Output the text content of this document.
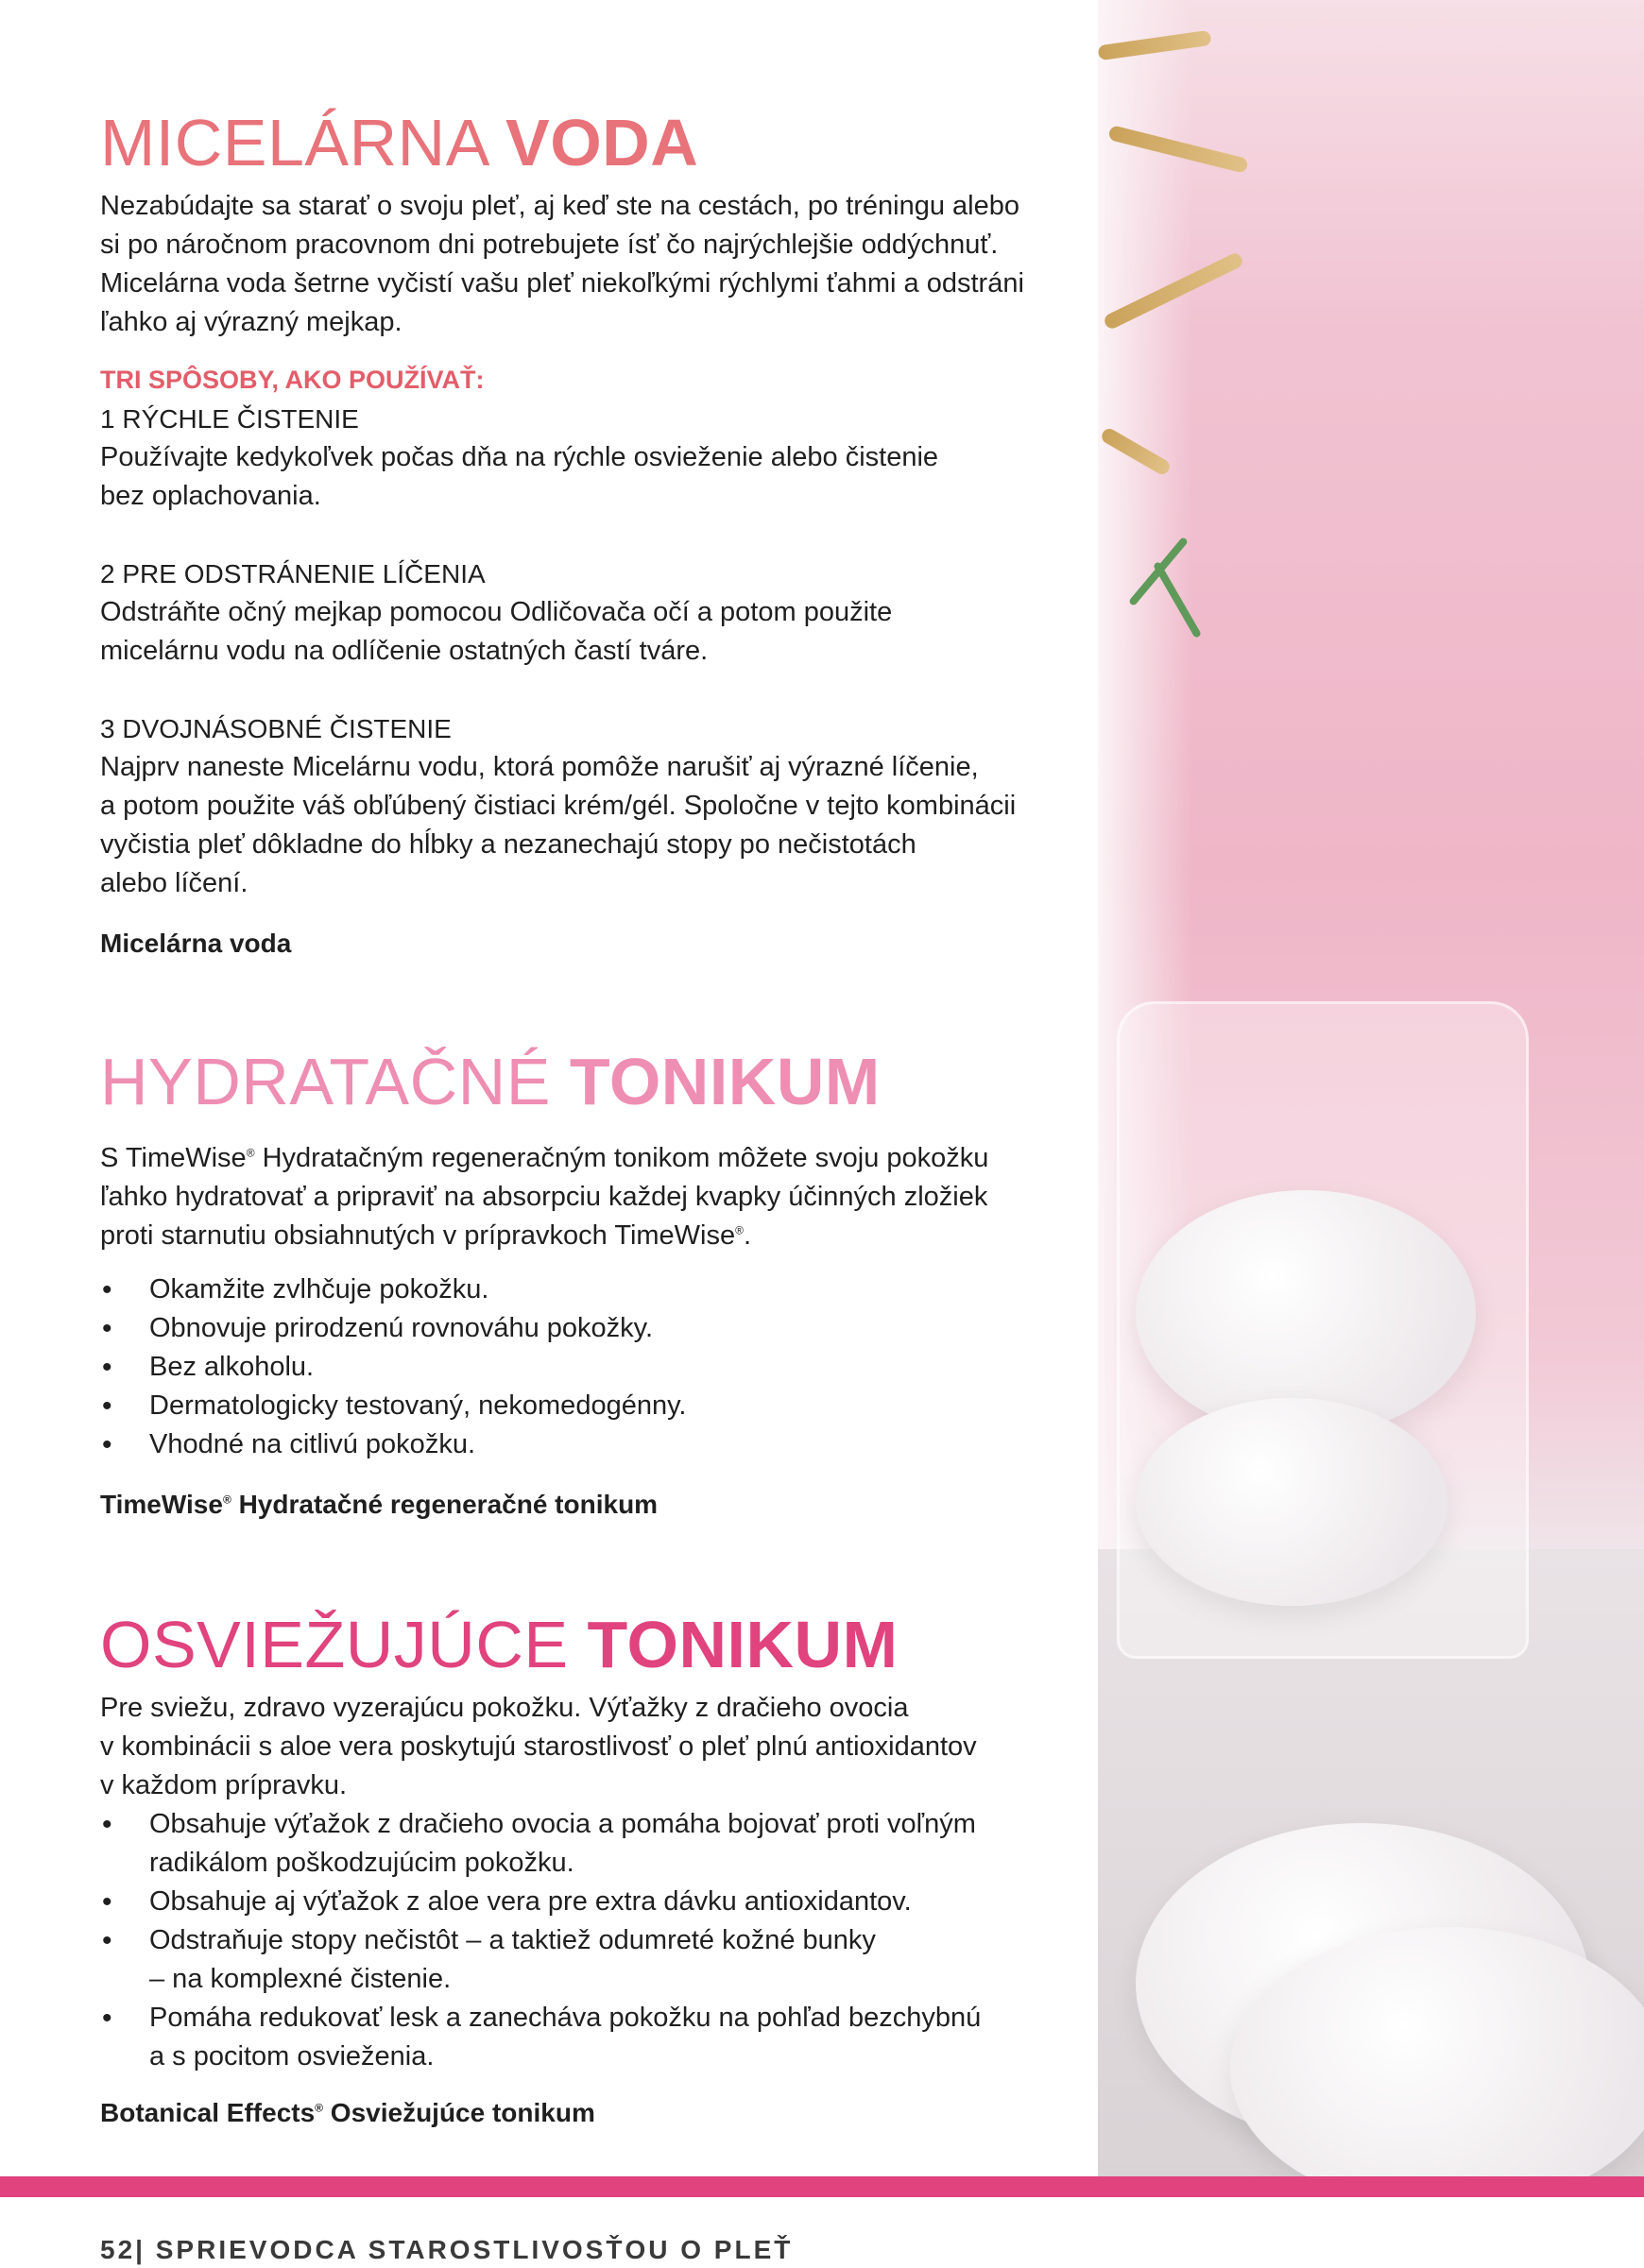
MICELÁRNA VODA

Nezabúdajte sa starať o svoju pleť, aj keď ste na cestách, po tréningu alebo

si po náročnom pracovnom dni potrebujete ísť čo najrýchlejšie oddýchnuť.

Micelárna voda šetrne vyčistí vašu pleť niekoľkými rýchlymi ťahmi a odstráni

ľahko aj výrazný mejkap.

TRI SPÔSOBY, AKO POUŽÍVAŤ:
1 RÝCHLE ČISTENIE

Používajte kedykoľvek počas dňa na rýchle osvieženie alebo čistenie

bez oplachovania.

2 PRE ODSTRÁNENIE LÍČENIA

Odstráňte očný mejkap pomocou Odličovača očí a potom použite

micelárnu vodu na odlíčenie ostatných častí tváre.

3 DVOJNÁSOBNÉ ČISTENIE

Najprv naneste Micelárnu vodu, ktorá pomôže narušiť aj výrazné líčenie,

a potom použite váš obľúbený čistiaci krém/gél. Spoločne v tejto kombinácii

vyčistia pleť dôkladne do hĺbky a nezanechajú stopy po nečistotách

alebo líčení.

Micelárna voda
HYDRATAČNÉ TONIKUM

S TimeWise® Hydratačným regeneračným tonikom môžete svoju pokožku

ľahko hydratovať a pripraviť na absorpciu každej kvapky účinných zložiek

proti starnutiu obsiahnutých v prípravkoch TimeWise®.

• Okamžite zvlhčuje pokožku.
• Obnovuje prirodzenú rovnováhu pokožky.
• Bez alkoholu.
• Dermatologicky testovaný, nekomedogénny.
• Vhodné na citlivú pokožku.
TimeWise® Hydratačné regeneračné tonikum
OSVIEŽUJÚCE TONIKUM

Pre sviežu, zdravo vyzerajúcu pokožku. Výťažky z dračieho ovocia

v kombinácii s aloe vera poskytujú starostlivosť o pleť plnú antioxidantov

v každom prípravku.

• Obsahuje výťažok z dračieho ovocia a pomáha bojovať proti voľným
radikálom poškodzujúcim pokožku.
• Obsahuje aj výťažok z aloe vera pre extra dávku antioxidantov.
• Odstraňuje stopy nečistôt – a taktiež odumreté kožné bunky
– na komplexné čistenie.
• Pomáha redukovať lesk a zanecháva pokožku na pohľad bezchybnú
a s pocitom osvieženia.
Botanical Effects® Osviežujúce tonikum
52| SPRIEVODCA STAROSTLIVOSŤOU O PLEŤ
